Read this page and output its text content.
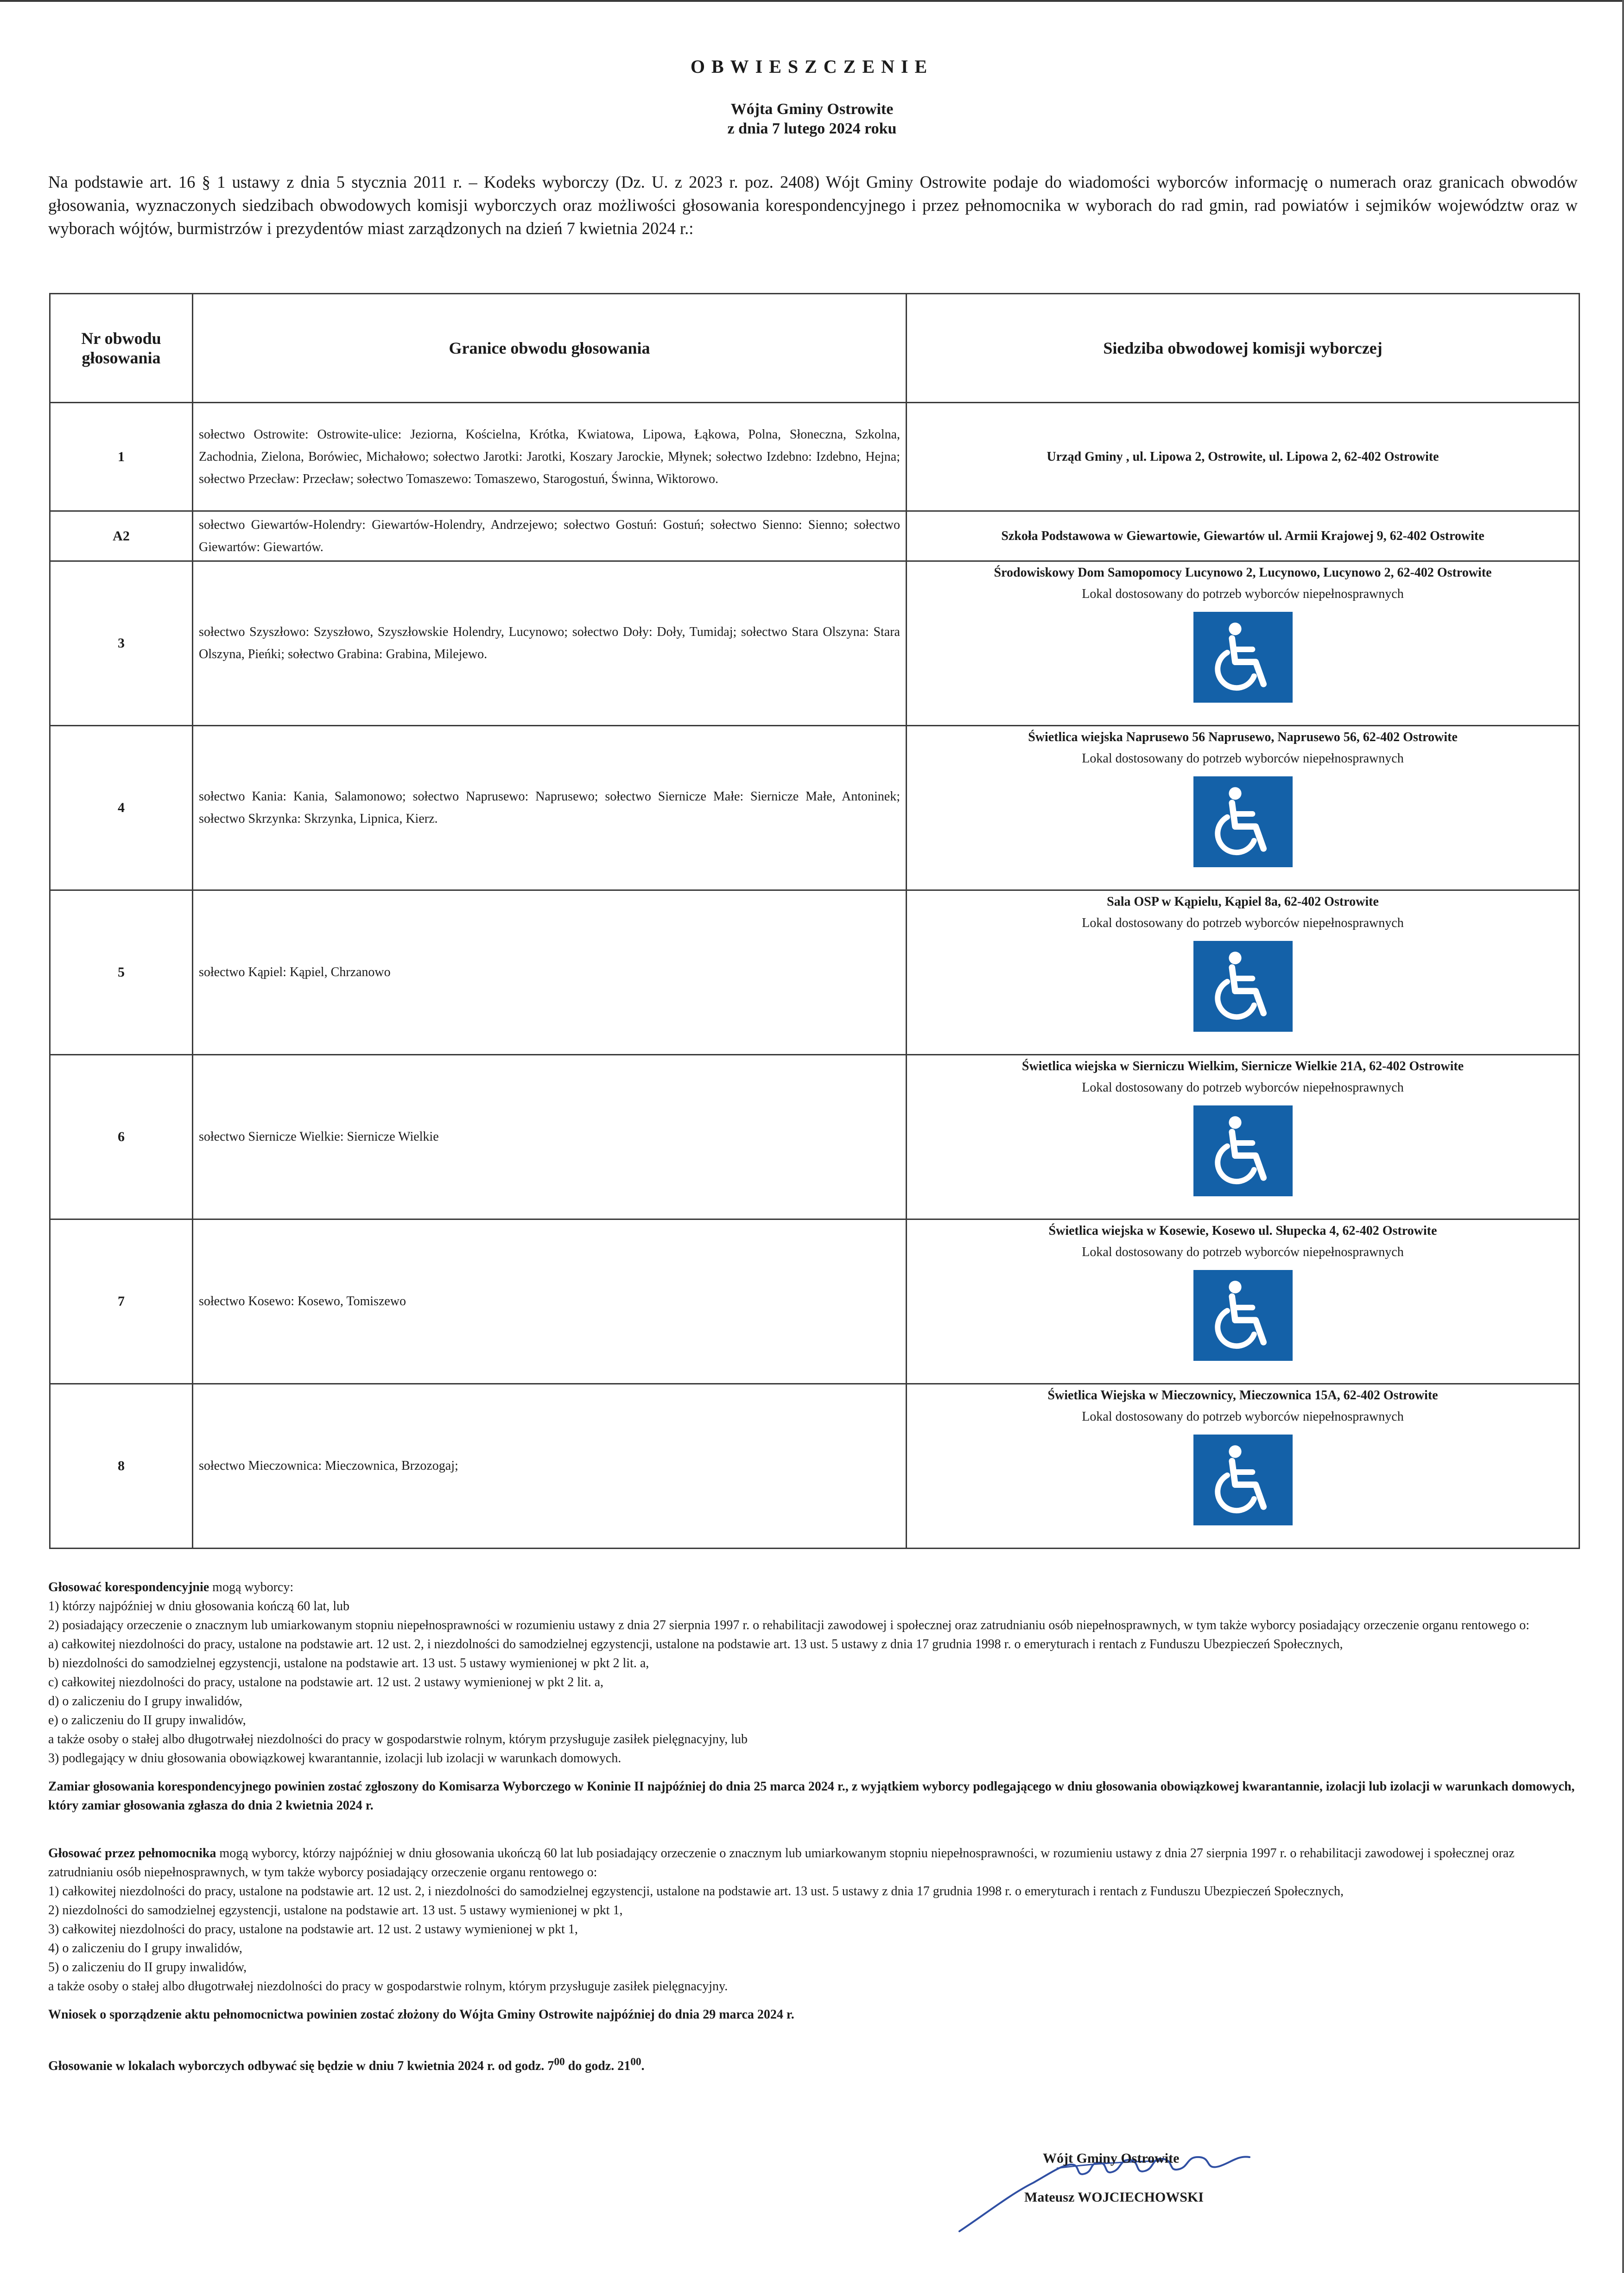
OBWIESZCZENIE
Wójta Gminy Ostrowite
z dnia 7 lutego 2024 roku
Na podstawie art. 16 § 1 ustawy z dnia 5 stycznia 2011 r. – Kodeks wyborczy (Dz. U. z 2023 r. poz. 2408) Wójt Gminy Ostrowite podaje do wiadomości wyborców informację o numerach oraz granicach obwodów głosowania, wyznaczonych siedzibach obwodowych komisji wyborczych oraz możliwości głosowania korespondencyjnego i przez pełnomocnika w wyborach do rad gmin, rad powiatów i sejmików województw oraz w wyborach wójtów, burmistrzów i prezydentów miast zarządzonych na dzień 7 kwietnia 2024 r.:
Nr obwodu głosowania	Granice obwodu głosowania	Siedziba obwodowej komisji wyborczej
1	sołectwo Ostrowite: Ostrowite-ulice: Jeziorna, Kościelna, Krótka, Kwiatowa, Lipowa, Łąkowa, Polna, Słoneczna, Szkolna, Zachodnia, Zielona, Borówiec, Michałowo; sołectwo Jarotki: Jarotki, Koszary Jarockie, Młynek; sołectwo Izdebno: Izdebno, Hejna; sołectwo Przecław: Przecław; sołectwo Tomaszewo: Tomaszewo, Starogostuń, Świnna, Wiktorowo.	Urząd Gminy , ul. Lipowa 2, Ostrowite, ul. Lipowa 2, 62-402 Ostrowite

A2	sołectwo Giewartów-Holendry: Giewartów-Holendry, Andrzejewo; sołectwo Gostuń: Gostuń; sołectwo Sienno: Sienno; sołectwo Giewartów: Giewartów.	Szkoła Podstawowa w Giewartowie, Giewartów ul. Armii Krajowej 9, 62-402 Ostrowite

3	sołectwo Szyszłowo: Szyszłowo, Szyszłowskie Holendry, Lucynowo; sołectwo Doły: Doły, Tumidaj; sołectwo Stara Olszyna: Stara Olszyna, Pieńki; sołectwo Grabina: Grabina, Milejewo.	Środowiskowy Dom Samopomocy Lucynowo 2, Lucynowo, Lucynowo 2, 62-402 Ostrowite
Lokal dostosowany do potrzeb wyborców niepełnosprawnych

4	sołectwo Kania: Kania, Salamonowo; sołectwo Naprusewo: Naprusewo; sołectwo Siernicze Małe: Siernicze Małe, Antoninek; sołectwo Skrzynka: Skrzynka, Lipnica, Kierz.	Świetlica wiejska Naprusewo 56 Naprusewo, Naprusewo 56, 62-402 Ostrowite
Lokal dostosowany do potrzeb wyborców niepełnosprawnych

5	sołectwo Kąpiel: Kąpiel, Chrzanowo	Sala OSP w Kąpielu, Kąpiel 8a, 62-402 Ostrowite
Lokal dostosowany do potrzeb wyborców niepełnosprawnych

6	sołectwo Siernicze Wielkie: Siernicze Wielkie	Świetlica wiejska w Sierniczu Wielkim, Siernicze Wielkie 21A, 62-402 Ostrowite
Lokal dostosowany do potrzeb wyborców niepełnosprawnych

7	sołectwo Kosewo: Kosewo, Tomiszewo	Świetlica wiejska w Kosewie, Kosewo ul. Słupecka 4, 62-402 Ostrowite
Lokal dostosowany do potrzeb wyborców niepełnosprawnych

8	sołectwo Mieczownica: Mieczownica, Brzozogaj;	Świetlica Wiejska w Mieczownicy, Mieczownica 15A, 62-402 Ostrowite
Lokal dostosowany do potrzeb wyborców niepełnosprawnych

Głosować korespondencyjnie mogą wyborcy:

1) którzy najpóźniej w dniu głosowania kończą 60 lat, lub

2) posiadający orzeczenie o znacznym lub umiarkowanym stopniu niepełnosprawności w rozumieniu ustawy z dnia 27 sierpnia 1997 r. o rehabilitacji zawodowej i społecznej oraz zatrudnianiu osób niepełnosprawnych, w tym także wyborcy posiadający orzeczenie organu rentowego o:

a) całkowitej niezdolności do pracy, ustalone na podstawie art. 12 ust. 2, i niezdolności do samodzielnej egzystencji, ustalone na podstawie art. 13 ust. 5 ustawy z dnia 17 grudnia 1998 r. o emeryturach i rentach z Funduszu Ubezpieczeń Społecznych,

b) niezdolności do samodzielnej egzystencji, ustalone na podstawie art. 13 ust. 5 ustawy wymienionej w pkt 2 lit. a,

c) całkowitej niezdolności do pracy, ustalone na podstawie art. 12 ust. 2 ustawy wymienionej w pkt 2 lit. a,

d) o zaliczeniu do I grupy inwalidów,

e) o zaliczeniu do II grupy inwalidów,

a także osoby o stałej albo długotrwałej niezdolności do pracy w gospodarstwie rolnym, którym przysługuje zasiłek pielęgnacyjny, lub

3) podlegający w dniu głosowania obowiązkowej kwarantannie, izolacji lub izolacji w warunkach domowych.

Zamiar głosowania korespondencyjnego powinien zostać zgłoszony do Komisarza Wyborczego w Koninie II najpóźniej do dnia 25 marca 2024 r., z wyjątkiem wyborcy podlegającego w dniu głosowania obowiązkowej kwarantannie, izolacji lub izolacji w warunkach domowych, który zamiar głosowania zgłasza do dnia 2 kwietnia 2024 r.

Głosować przez pełnomocnika mogą wyborcy, którzy najpóźniej w dniu głosowania ukończą 60 lat lub posiadający orzeczenie o znacznym lub umiarkowanym stopniu niepełnosprawności, w rozumieniu ustawy z dnia 27 sierpnia 1997 r. o rehabilitacji zawodowej i społecznej oraz zatrudnianiu osób niepełnosprawnych, w tym także wyborcy posiadający orzeczenie organu rentowego o:

1) całkowitej niezdolności do pracy, ustalone na podstawie art. 12 ust. 2, i niezdolności do samodzielnej egzystencji, ustalone na podstawie art. 13 ust. 5 ustawy z dnia 17 grudnia 1998 r. o emeryturach i rentach z Funduszu Ubezpieczeń Społecznych,

2) niezdolności do samodzielnej egzystencji, ustalone na podstawie art. 13 ust. 5 ustawy wymienionej w pkt 1,

3) całkowitej niezdolności do pracy, ustalone na podstawie art. 12 ust. 2 ustawy wymienionej w pkt 1,

4) o zaliczeniu do I grupy inwalidów,

5) o zaliczeniu do II grupy inwalidów,

a także osoby o stałej albo długotrwałej niezdolności do pracy w gospodarstwie rolnym, którym przysługuje zasiłek pielęgnacyjny.

Wniosek o sporządzenie aktu pełnomocnictwa powinien zostać złożony do Wójta Gminy Ostrowite najpóźniej do dnia 29 marca 2024 r.

Głosowanie w lokalach wyborczych odbywać się będzie w dniu 7 kwietnia 2024 r. od godz. $7^{00}$ do godz. $21^{00}$.

Wójt Gminy Ostrowite
Mateusz WOJCIECHOWSKI
